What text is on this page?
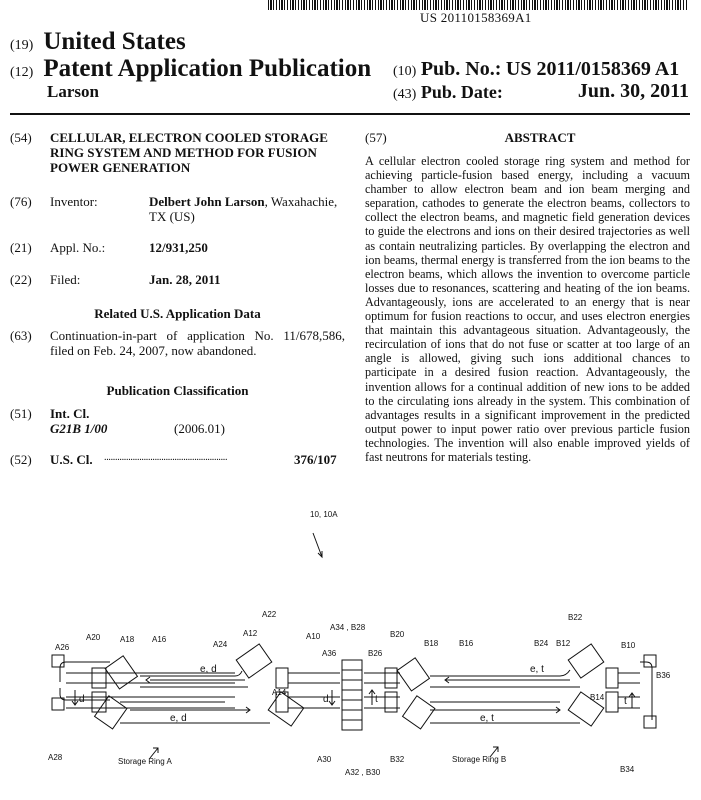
US 20110158369A1
(19) United States
(12) Patent Application Publication
Larson
(10) Pub. No.: US 2011/0158369 A1
(43) Pub. Date:	Jun. 30, 2011
(54) CELLULAR, ELECTRON COOLED STORAGE RING SYSTEM AND METHOD FOR FUSION POWER GENERATION
(76) Inventor:	Delbert John Larson, Waxahachie,
TX (US)
(21) Appl. No.:	12/931,250
(22) Filed:	Jan. 28, 2011
Related U.S. Application Data
(63) Continuation-in-part of application No. 11/678,586, filed on Feb. 24, 2007, now abandoned.
Publication Classification
(51) Int. Cl.
G21B 1/00	(2006.01)
(52) U.S. Cl. ........................................................	376/107
(57)	ABSTRACT
A cellular electron cooled storage ring system and method for achieving particle-fusion based energy, including a vacuum chamber to allow electron beam and ion beam merging and separation, cathodes to generate the electron beams, collectors to collect the electron beams, and magnetic field generation devices to guide the electrons and ions on their desired trajectories as well as contain neutralizing particles. By overlapping the electron and ion beams, thermal energy is transferred from the ion beams to the electron beams, which allows the invention to overcome particle losses due to resonances, scattering and heating of the ion beams. Advantageously, ions are accelerated to an energy that is near optimum for fusion reactions to occur, and uses electron energies that maintain this advantageous situation. Advantageously, the recirculation of ions that do not fuse or scatter at too large of an angle is allowed, giving such ions additional chances to participate in a desired fusion reaction. Advantageously, the invention allows for a continual addition of new ions to be added to the circulating ions already in the system. This combination of advantages results in a significant improvement in the predicted output power to input power ratio over previous particle fusion technologies. The invention will also enable improved yields of fast neutrons for materials testing.
10, 10A
A26
A20 A18 A16
A22
A12
A24
A10
A14
A28	A30
A34 , B28
A36	B26
A32 , B30
B32
B20
B18	B16
B22
B24 B12	B10
B14
B36
B34
e, d
e, d
e, t
e, t
d	d	t	t
Storage Ring A	Storage Ring B
